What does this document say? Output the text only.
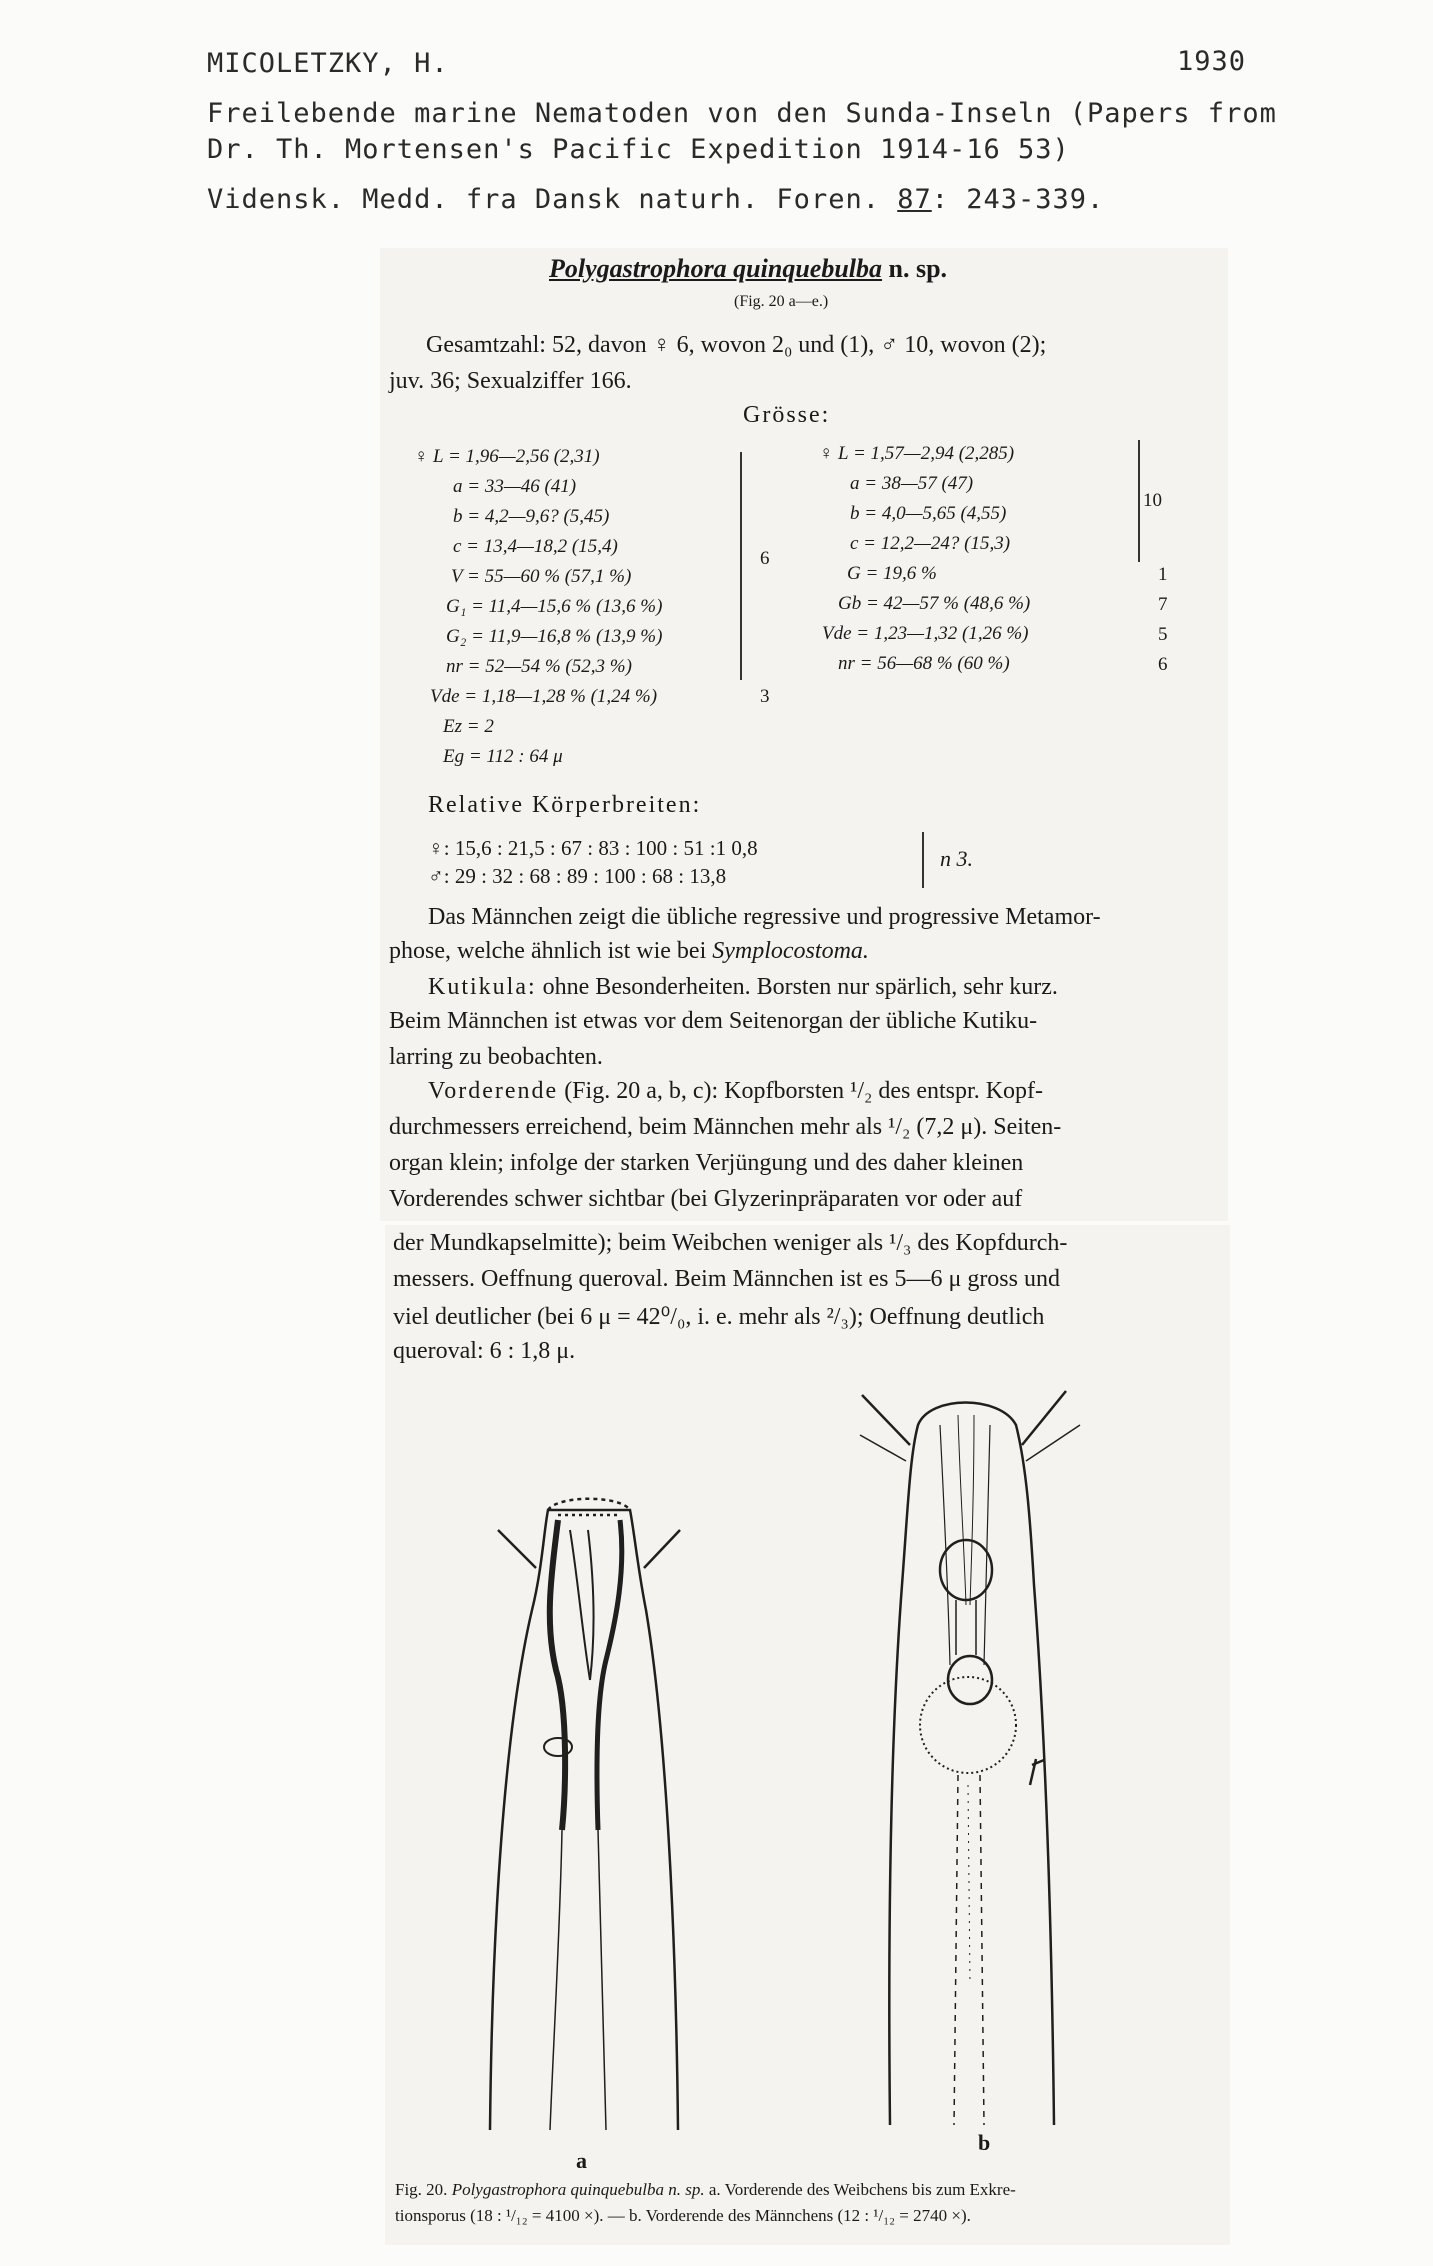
MICOLETZKY, H.	1930
Freilebende marine Nematoden von den Sunda-Inseln (Papers from
Dr. Th. Mortensen's Pacific Expedition 1914-16 53)
Vidensk. Medd. fra Dansk naturh. Foren. 87: 243-339.
Polygastrophora quinquebulba n. sp.
(Fig. 20 a—e.)
Gesamtzahl: 52, davon ♀ 6, wovon 2₀ und (1), ♂ 10, wovon (2);
juv. 36; Sexualziffer 166.
Grösse:
♀ L = 1,96—2,56 (2,31)
a = 33—46 (41)
b = 4,2—9,6? (5,45)
c = 13,4—18,2 (15,4)
V = 55—60 % (57,1 %)
G₁ = 11,4—15,6 % (13,6 %)
G₂ = 11,9—16,8 % (13,9 %)
nr = 52—54 % (52,3 %)
Vde = 1,18—1,28 % (1,24 %)
Ez = 2
Eg = 112 : 64 μ
6
3
♀ L = 1,57—2,94 (2,285)
a = 38—57 (47)
b = 4,0—5,65 (4,55)
c = 12,2—24? (15,3)
G = 19,6 %
Gb = 42—57 % (48,6 %)
Vde = 1,23—1,32 (1,26 %)
nr = 56—68 % (60 %)
10
1
7
5
6
Relative Körperbreiten:
♀: 15,6 : 21,5 : 67 : 83 : 100 : 51 :1 0,8
♂: 29 : 32 : 68 : 89 : 100 : 68 : 13,8
n 3.
Das Männchen zeigt die übliche regressive und progressive Metamor-
phose, welche ähnlich ist wie bei Symplocostoma.
Kutikula: ohne Besonderheiten. Borsten nur spärlich, sehr kurz.
Beim Männchen ist etwas vor dem Seitenorgan der übliche Kutiku-
larring zu beobachten.
Vorderende (Fig. 20 a, b, c): Kopfborsten ¹/₂ des entspr. Kopf-
durchmessers erreichend, beim Männchen mehr als ¹/₂ (7,2 μ). Seiten-
organ klein; infolge der starken Verjüngung und des daher kleinen
Vorderendes schwer sichtbar (bei Glyzerinpräparaten vor oder auf
der Mundkapselmitte); beim Weibchen weniger als ¹/₃ des Kopfdurch-
messers. Oeffnung queroval. Beim Männchen ist es 5—6 μ gross und
viel deutlicher (bei 6 μ = 42⁰/₀, i. e. mehr als ²/₃); Oeffnung deutlich
queroval: 6 : 1,8 μ.
a
b
Fig. 20. Polygastrophora quinquebulba n. sp. a. Vorderende des Weibchens bis zum Exkre-
tionsporus (18 : ¹/₁₂ = 4100 ×). — b. Vorderende des Männchens (12 : ¹/₁₂ = 2740 ×).
